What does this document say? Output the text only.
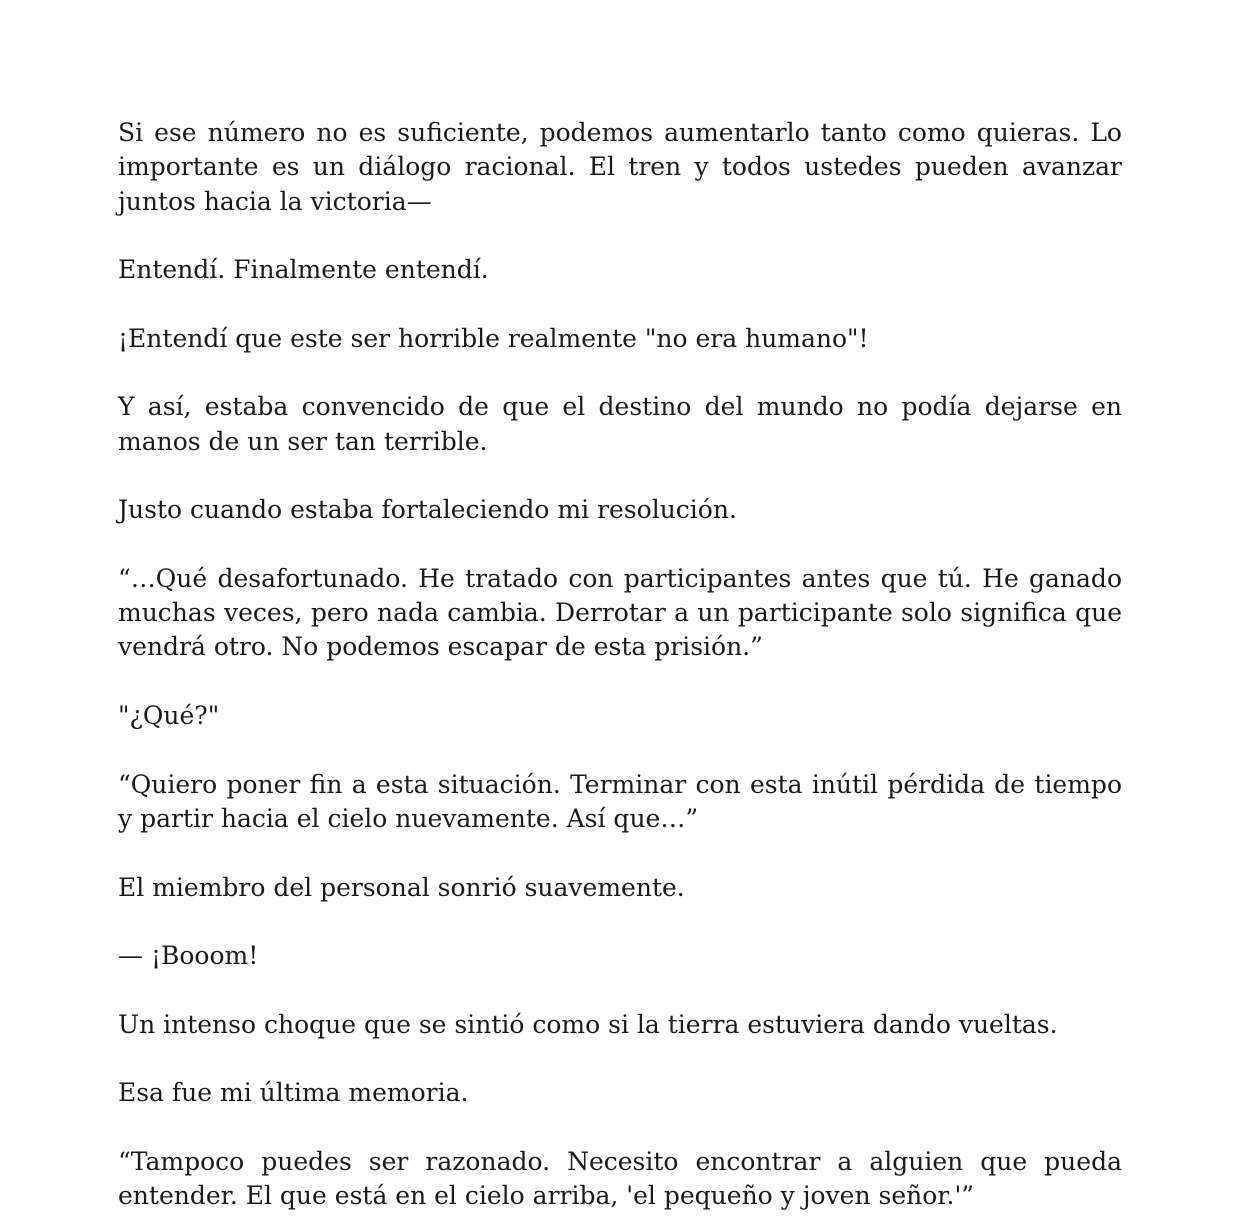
Si ese número no es suficiente, podemos aumentarlo tanto como quieras. Lo importante es un diálogo racional. El tren y todos ustedes pueden avanzar juntos hacia la victoria—

Entendí. Finalmente entendí.

¡Entendí que este ser horrible realmente "no era humano"!

Y así, estaba convencido de que el destino del mundo no podía dejarse en manos de un ser tan terrible.

Justo cuando estaba fortaleciendo mi resolución.

“…Qué desafortunado. He tratado con participantes antes que tú. He ganado muchas veces, pero nada cambia. Derrotar a un participante solo significa que vendrá otro. No podemos escapar de esta prisión.”

"¿Qué?"

“Quiero poner fin a esta situación. Terminar con esta inútil pérdida de tiempo y partir hacia el cielo nuevamente. Así que…”

El miembro del personal sonrió suavemente.

— ¡Booom!

Un intenso choque que se sintió como si la tierra estuviera dando vueltas.

Esa fue mi última memoria.

“Tampoco puedes ser razonado. Necesito encontrar a alguien que pueda entender. El que está en el cielo arriba, 'el pequeño y joven señor.'”
